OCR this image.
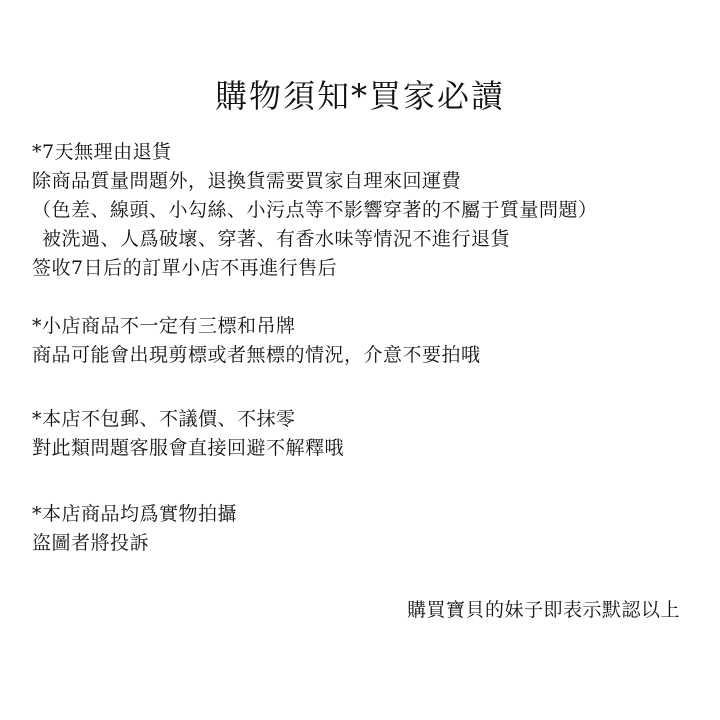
購物須知*買家必讀
*7天無理由退貨
除商品質量問題外，退換貨需要買家自理來回運費
（色差、線頭、小勾絲、小污点等不影響穿著的不屬于質量問題）
被洗過、人爲破壞、穿著、有香水味等情況不進行退貨
签收7日后的訂單小店不再進行售后
*小店商品不一定有三標和吊牌
商品可能會出現剪標或者無標的情況，介意不要拍哦
*本店不包郵、不議價、不抹零
對此類問題客服會直接回避不解釋哦
*本店商品均爲實物拍攝
盗圖者將投訴
購買寶貝的妹子即表示默認以上
